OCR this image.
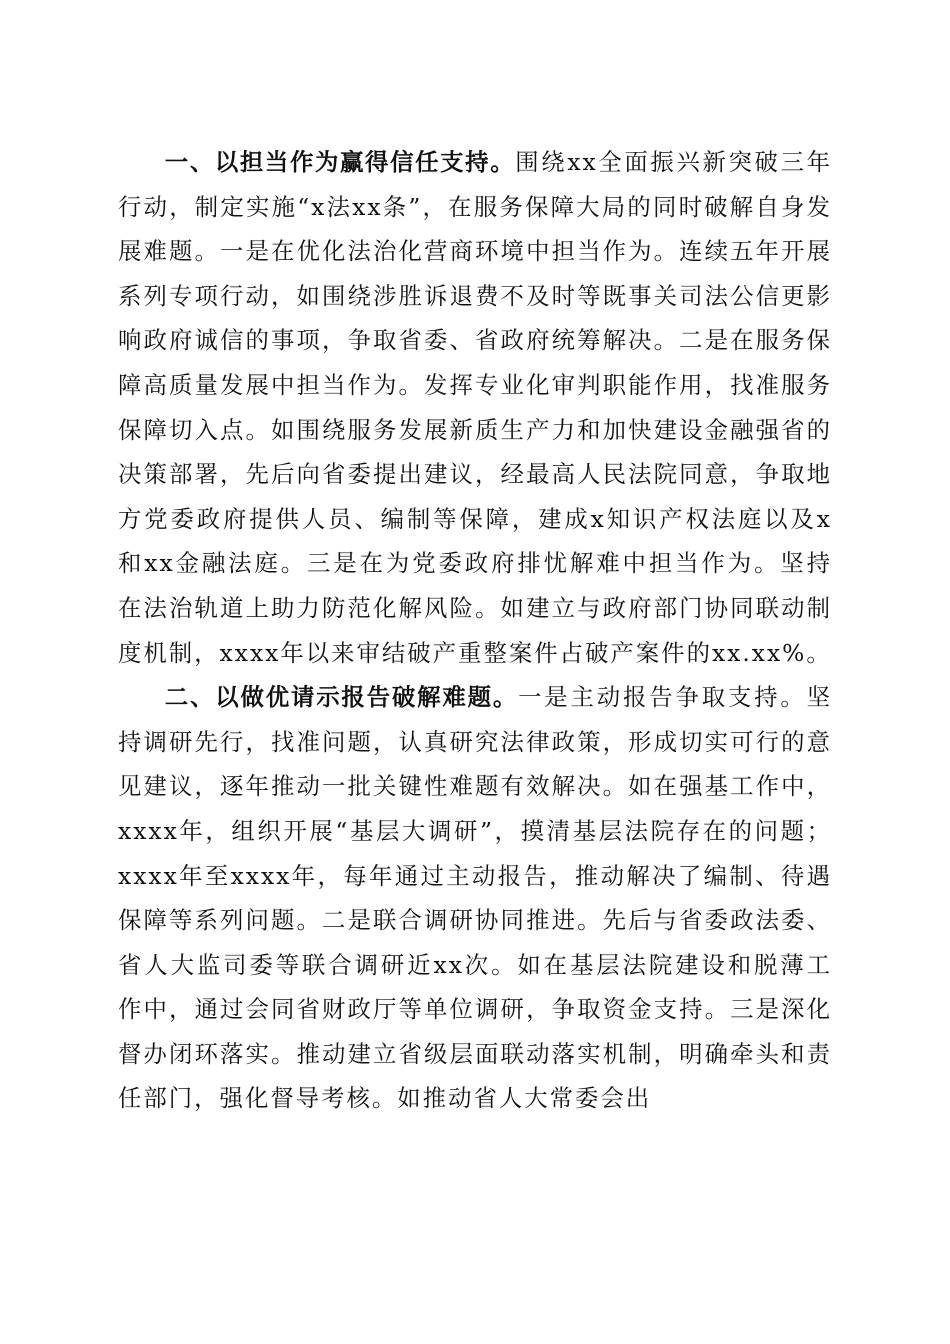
一、以担当作为赢得信任支持。围绕xx全面振兴新突破三年行动，制定实施“x法xx条”，在服务保障大局的同时破解自身发展难题。一是在优化法治化营商环境中担当作为。连续五年开展系列专项行动，如围绕涉胜诉退费不及时等既事关司法公信更影响政府诚信的事项，争取省委、省政府统筹解决。二是在服务保障高质量发展中担当作为。发挥专业化审判职能作用，找准服务保障切入点。如围绕服务发展新质生产力和加快建设金融强省的决策部署，先后向省委提出建议，经最高人民法院同意，争取地方党委政府提供人员、编制等保障，建成x知识产权法庭以及x和xx金融法庭。三是在为党委政府排忧解难中担当作为。坚持在法治轨道上助力防范化解风险。如建立与政府部门协同联动制度机制，xxxx年以来审结破产重整案件占破产案件的xx.xx%。

二、以做优请示报告破解难题。一是主动报告争取支持。坚持调研先行，找准问题，认真研究法律政策，形成切实可行的意见建议，逐年推动一批关键性难题有效解决。如在强基工作中，xxxx年，组织开展“基层大调研”，摸清基层法院存在的问题；xxxx年至xxxx年，每年通过主动报告，推动解决了编制、待遇保障等系列问题。二是联合调研协同推进。先后与省委政法委、省人大监司委等联合调研近xx次。如在基层法院建设和脱薄工作中，通过会同省财政厅等单位调研，争取资金支持。三是深化督办闭环落实。推动建立省级层面联动落实机制，明确牵头和责任部门，强化督导考核。如推动省人大常委会出
